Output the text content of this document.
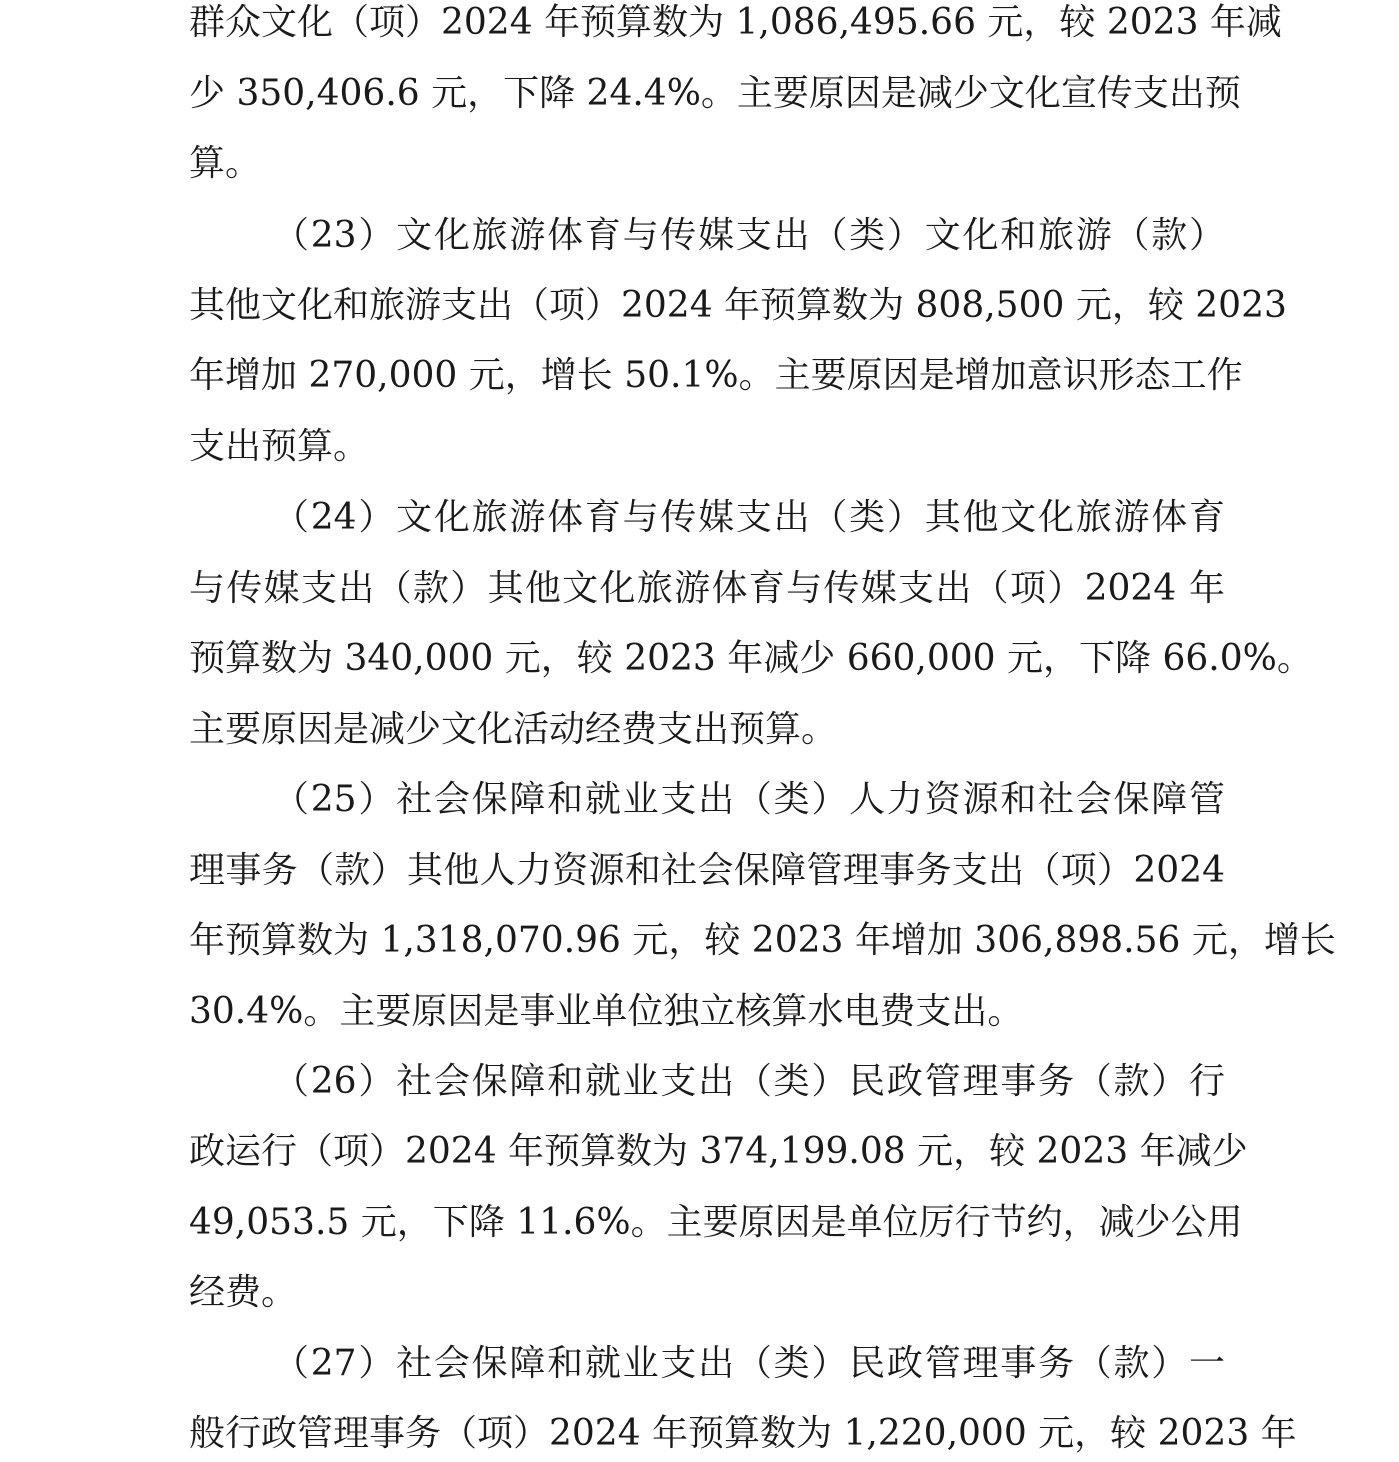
群众文化（项）2024 年预算数为 1,086,495.66 元，较 2023 年减
少 350,406.6 元，下降 24.4%。主要原因是减少文化宣传支出预
算。
（23）文化旅游体育与传媒支出（类）文化和旅游（款）
其他文化和旅游支出（项）2024 年预算数为 808,500 元，较 2023
年增加 270,000 元，增长 50.1%。主要原因是增加意识形态工作
支出预算。
（24）文化旅游体育与传媒支出（类）其他文化旅游体育
与传媒支出（款）其他文化旅游体育与传媒支出（项）2024 年
预算数为 340,000 元，较 2023 年减少 660,000 元，下降 66.0%。
主要原因是减少文化活动经费支出预算。
（25）社会保障和就业支出（类）人力资源和社会保障管
理事务（款）其他人力资源和社会保障管理事务支出（项）2024
年预算数为 1,318,070.96 元，较 2023 年增加 306,898.56 元，增长
30.4%。主要原因是事业单位独立核算水电费支出。
（26）社会保障和就业支出（类）民政管理事务（款）行
政运行（项）2024 年预算数为 374,199.08 元，较 2023 年减少
49,053.5 元，下降 11.6%。主要原因是单位厉行节约，减少公用
经费。
（27）社会保障和就业支出（类）民政管理事务（款）一
般行政管理事务（项）2024 年预算数为 1,220,000 元，较 2023 年
